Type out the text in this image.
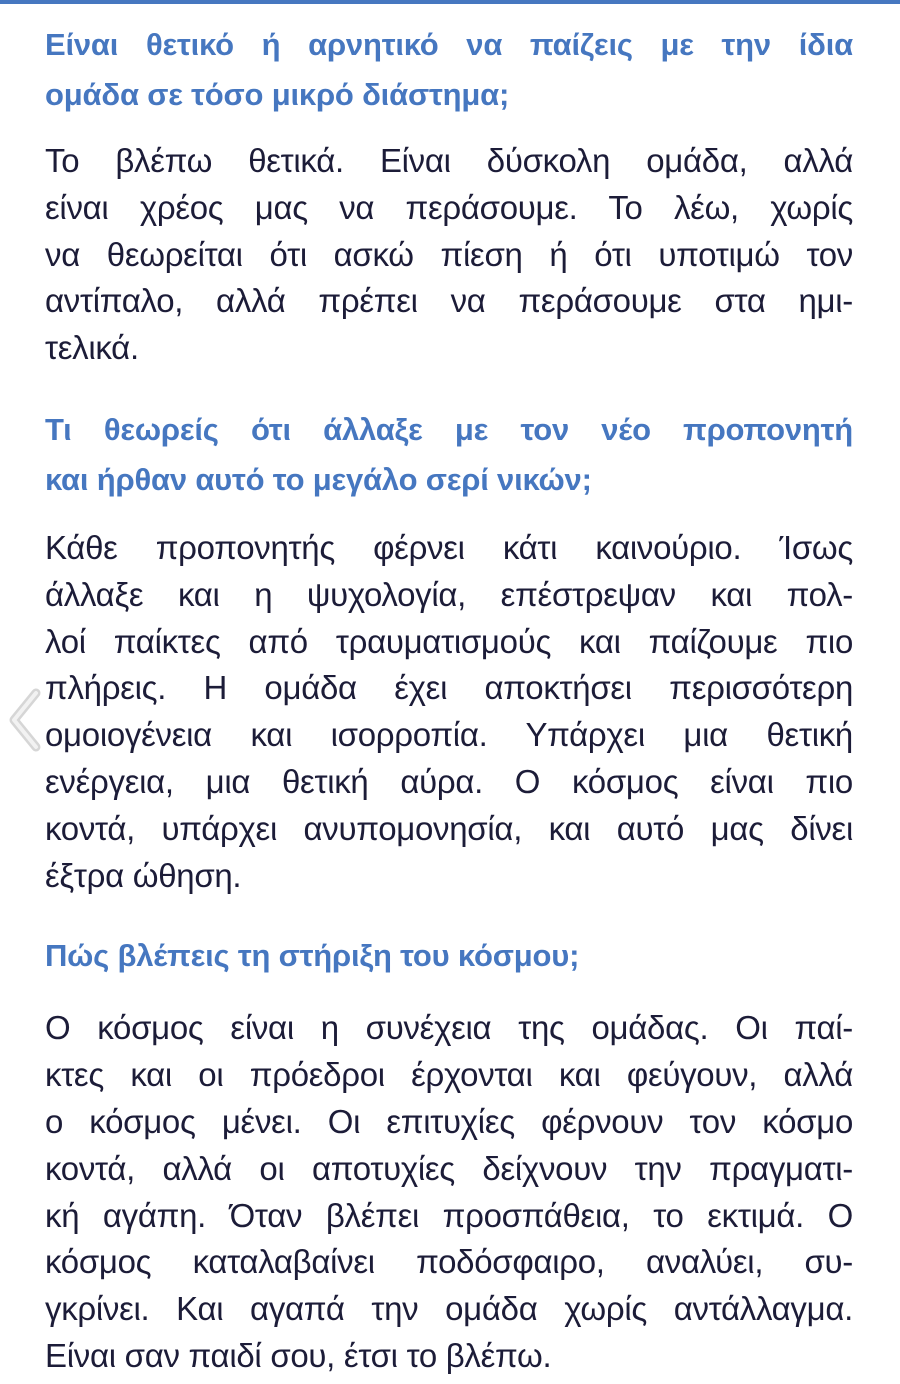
Είναι θετικό ή αρνητικό να παίζεις με την ίδια
ομάδα σε τόσο μικρό διάστημα;

Το βλέπω θετικά. Είναι δύσκολη ομάδα, αλλά
είναι χρέος μας να περάσουμε. Το λέω, χωρίς
να θεωρείται ότι ασκώ πίεση ή ότι υποτιμώ τον
αντίπαλο, αλλά πρέπει να περάσουμε στα ημι-
τελικά.

Τι θεωρείς ότι άλλαξε με τον νέο προπονητή
και ήρθαν αυτό το μεγάλο σερί νικών;

Κάθε προπονητής φέρνει κάτι καινούριο. Ίσως
άλλαξε και η ψυχολογία, επέστρεψαν και πολ-
λοί παίκτες από τραυματισμούς και παίζουμε πιο
πλήρεις. Η ομάδα έχει αποκτήσει περισσότερη
ομοιογένεια και ισορροπία. Υπάρχει μια θετική
ενέργεια, μια θετική αύρα. Ο κόσμος είναι πιο
κοντά, υπάρχει ανυπομονησία, και αυτό μας δίνει
έξτρα ώθηση.

Πώς βλέπεις τη στήριξη του κόσμου;

Ο κόσμος είναι η συνέχεια της ομάδας. Οι παί-
κτες και οι πρόεδροι έρχονται και φεύγουν, αλλά
ο κόσμος μένει. Οι επιτυχίες φέρνουν τον κόσμο
κοντά, αλλά οι αποτυχίες δείχνουν την πραγματι-
κή αγάπη. Όταν βλέπει προσπάθεια, το εκτιμά. Ο
κόσμος καταλαβαίνει ποδόσφαιρο, αναλύει, συ-
γκρίνει. Και αγαπά την ομάδα χωρίς αντάλλαγμα.
Είναι σαν παιδί σου, έτσι το βλέπω.
